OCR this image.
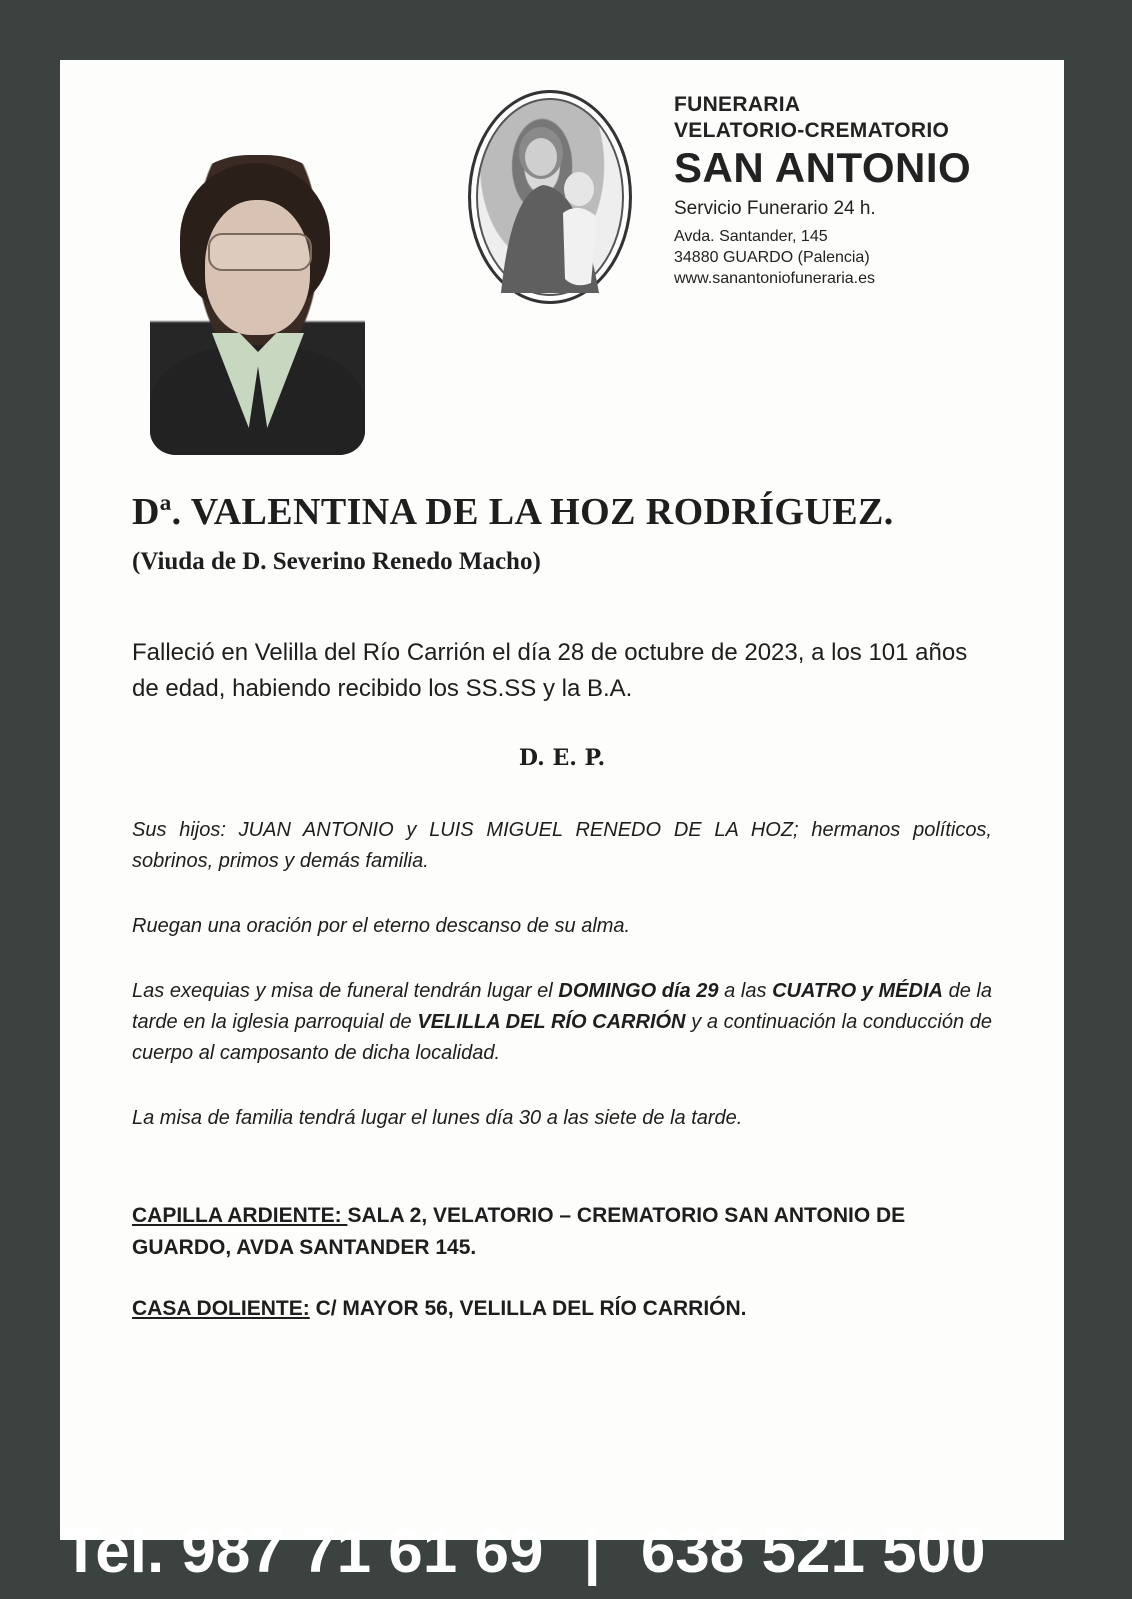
FUNERARIA
VELATORIO-CREMATORIO
SAN ANTONIO
Servicio Funerario 24 h.
Avda. Santander, 145
34880 GUARDO (Palencia)
www.sanantoniofuneraria.es
Dª. VALENTINA DE LA HOZ RODRÍGUEZ.
(Viuda de D. Severino Renedo Macho)
Falleció en Velilla del Río Carrión el día 28 de octubre de 2023, a los 101 años de edad, habiendo recibido los SS.SS y la B.A.
D. E. P.
Sus hijos: JUAN ANTONIO y LUIS MIGUEL RENEDO DE LA HOZ; hermanos políticos, sobrinos, primos y demás familia.
Ruegan una oración por el eterno descanso de su alma.
Las exequias y misa de funeral tendrán lugar el DOMINGO día 29 a las CUATRO y MÉDIA de la tarde en la iglesia parroquial de VELILLA DEL RÍO CARRIÓN y a continuación la conducción de cuerpo al camposanto de dicha localidad.
La misa de familia tendrá lugar el lunes día 30 a las siete de la tarde.
CAPILLA ARDIENTE: SALA 2, VELATORIO – CREMATORIO SAN ANTONIO DE GUARDO, AVDA SANTANDER 145.
CASA DOLIENTE: C/ MAYOR 56, VELILLA DEL RÍO CARRIÓN.
Tel. 987 71 61 69 | 638 521 500
